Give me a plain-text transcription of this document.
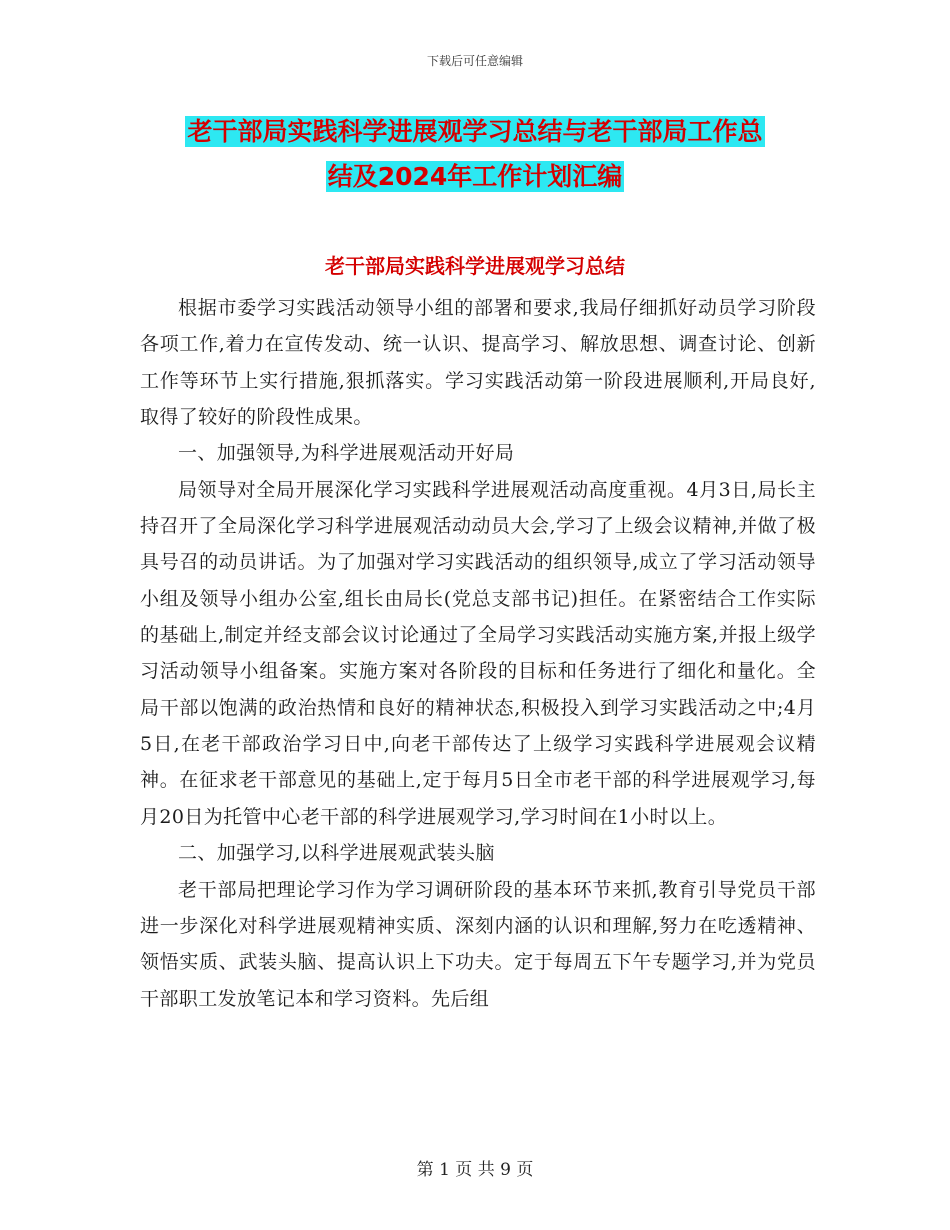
下载后可任意编辑
老干部局实践科学进展观学习总结与老干部局工作总
结及2024年工作计划汇编
老干部局实践科学进展观学习总结

根据市委学习实践活动领导小组的部署和要求,我局仔细抓好动员学习阶段各项工作,着力在宣传发动、统一认识、提高学习、解放思想、调查讨论、创新工作等环节上实行措施,狠抓落实。学习实践活动第一阶段进展顺利,开局良好,取得了较好的阶段性成果。

一、加强领导,为科学进展观活动开好局

局领导对全局开展深化学习实践科学进展观活动高度重视。4月3日,局长主持召开了全局深化学习科学进展观活动动员大会,学习了上级会议精神,并做了极具号召的动员讲话。为了加强对学习实践活动的组织领导,成立了学习活动领导小组及领导小组办公室,组长由局长(党总支部书记)担任。在紧密结合工作实际的基础上,制定并经支部会议讨论通过了全局学习实践活动实施方案,并报上级学习活动领导小组备案。实施方案对各阶段的目标和任务进行了细化和量化。全局干部以饱满的政治热情和良好的精神状态,积极投入到学习实践活动之中;4月5日,在老干部政治学习日中,向老干部传达了上级学习实践科学进展观会议精神。在征求老干部意见的基础上,定于每月5日全市老干部的科学进展观学习,每月20日为托管中心老干部的科学进展观学习,学习时间在1小时以上。

二、加强学习,以科学进展观武装头脑

老干部局把理论学习作为学习调研阶段的基本环节来抓,教育引导党员干部进一步深化对科学进展观精神实质、深刻内涵的认识和理解,努力在吃透精神、领悟实质、武装头脑、提高认识上下功夫。定于每周五下午专题学习,并为党员干部职工发放笔记本和学习资料。先后组

第 1 页 共 9 页
